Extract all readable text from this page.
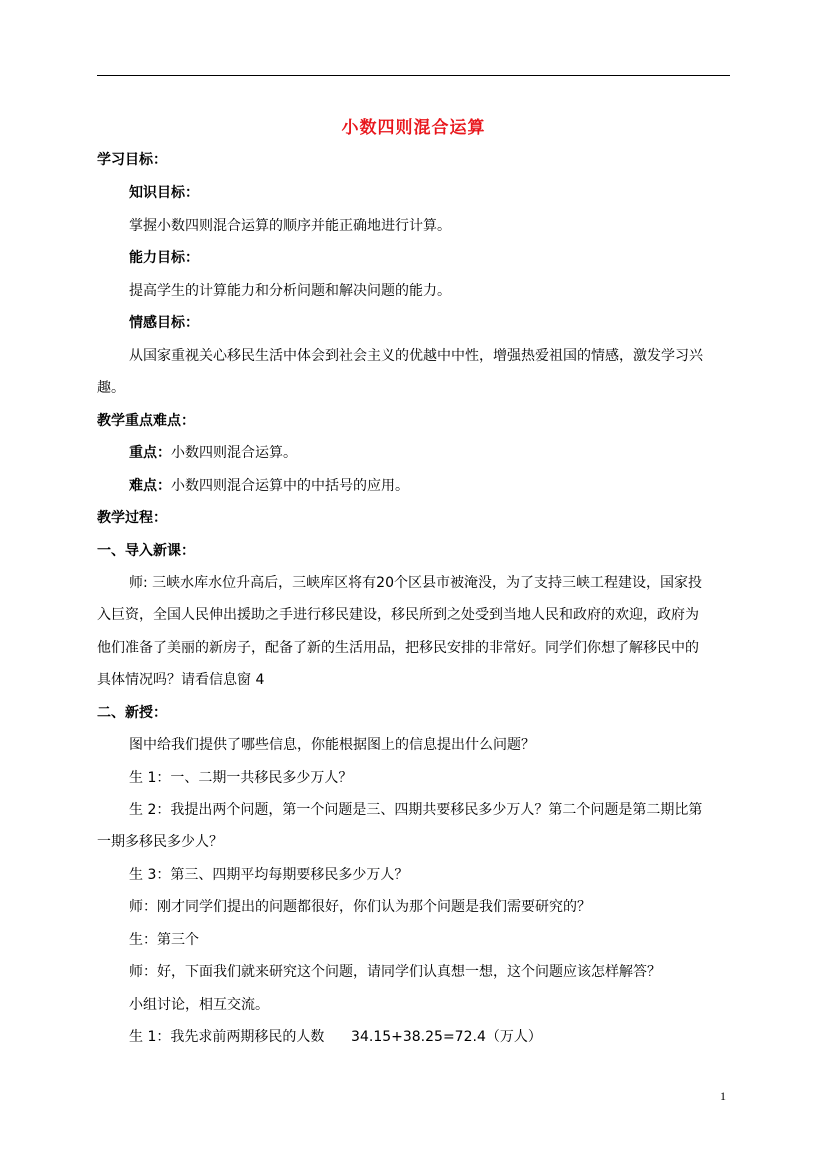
小数四则混合运算
学习目标：
知识目标：
掌握小数四则混合运算的顺序并能正确地进行计算。
能力目标：
提高学生的计算能力和分析问题和解决问题的能力。
情感目标：
从国家重视关心移民生活中体会到社会主义的优越中中性，增强热爱祖国的情感，激发学习兴
趣。
教学重点难点：
重点：小数四则混合运算。
难点：小数四则混合运算中的中括号的应用。
教学过程：
一、导入新课：
师: 三峡水库水位升高后，三峡库区将有20个区县市被淹没，为了支持三峡工程建设，国家投
入巨资，全国人民伸出援助之手进行移民建设，移民所到之处受到当地人民和政府的欢迎，政府为
他们准备了美丽的新房子，配备了新的生活用品，把移民安排的非常好。同学们你想了解移民中的
具体情况吗？请看信息窗 4
二、新授：
图中给我们提供了哪些信息，你能根据图上的信息提出什么问题？
生 1：一、二期一共移民多少万人？
生 2：我提出两个问题，第一个问题是三、四期共要移民多少万人？第二个问题是第二期比第
一期多移民多少人？
生 3：第三、四期平均每期要移民多少万人？
师：刚才同学们提出的问题都很好，你们认为那个问题是我们需要研究的？
生：第三个
师：好，下面我们就来研究这个问题，请同学们认真想一想，这个问题应该怎样解答？
小组讨论，相互交流。
生 1：我先求前两期移民的人数      34.15+38.25=72.4（万人）
1
